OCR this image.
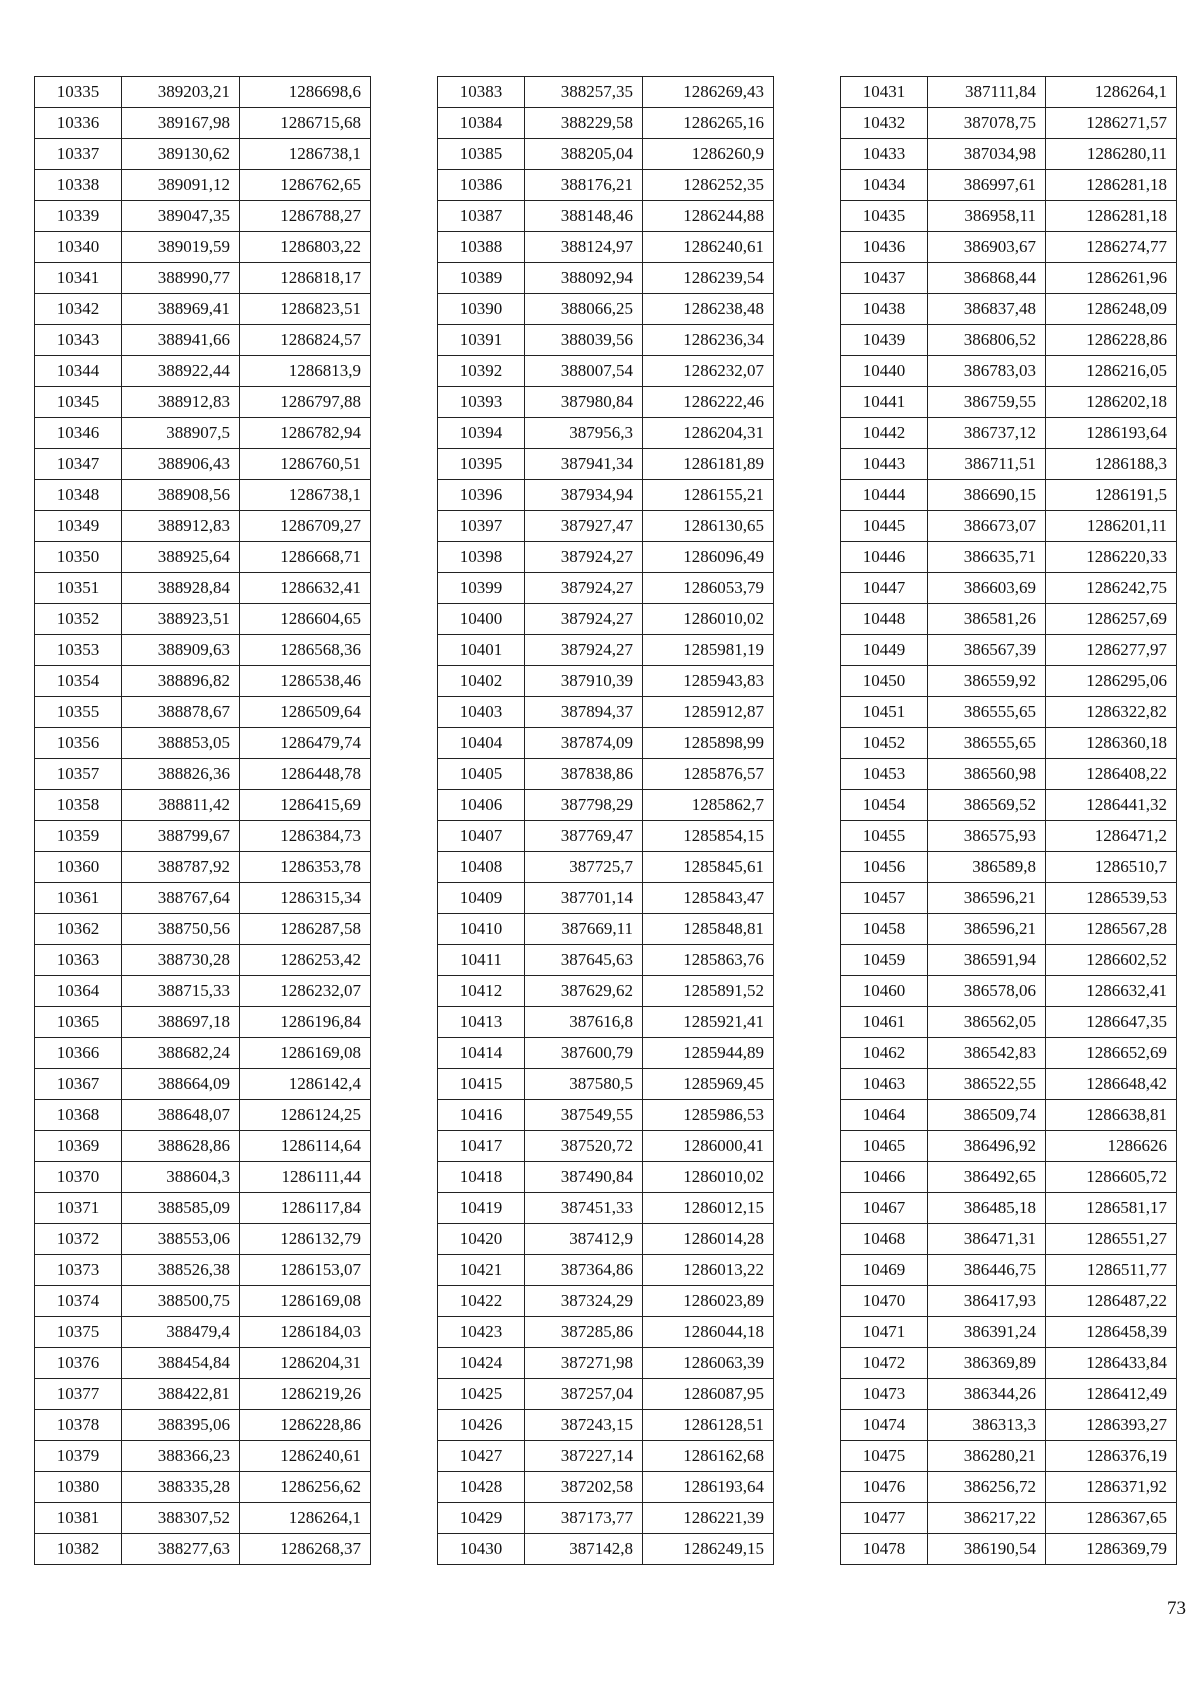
10335	389203,21	1286698,6
10336	389167,98	1286715,68
10337	389130,62	1286738,1
10338	389091,12	1286762,65
10339	389047,35	1286788,27
10340	389019,59	1286803,22
10341	388990,77	1286818,17
10342	388969,41	1286823,51
10343	388941,66	1286824,57
10344	388922,44	1286813,9
10345	388912,83	1286797,88
10346	388907,5	1286782,94
10347	388906,43	1286760,51
10348	388908,56	1286738,1
10349	388912,83	1286709,27
10350	388925,64	1286668,71
10351	388928,84	1286632,41
10352	388923,51	1286604,65
10353	388909,63	1286568,36
10354	388896,82	1286538,46
10355	388878,67	1286509,64
10356	388853,05	1286479,74
10357	388826,36	1286448,78
10358	388811,42	1286415,69
10359	388799,67	1286384,73
10360	388787,92	1286353,78
10361	388767,64	1286315,34
10362	388750,56	1286287,58
10363	388730,28	1286253,42
10364	388715,33	1286232,07
10365	388697,18	1286196,84
10366	388682,24	1286169,08
10367	388664,09	1286142,4
10368	388648,07	1286124,25
10369	388628,86	1286114,64
10370	388604,3	1286111,44
10371	388585,09	1286117,84
10372	388553,06	1286132,79
10373	388526,38	1286153,07
10374	388500,75	1286169,08
10375	388479,4	1286184,03
10376	388454,84	1286204,31
10377	388422,81	1286219,26
10378	388395,06	1286228,86
10379	388366,23	1286240,61
10380	388335,28	1286256,62
10381	388307,52	1286264,1
10382	388277,63	1286268,37
10383	388257,35	1286269,43
10384	388229,58	1286265,16
10385	388205,04	1286260,9
10386	388176,21	1286252,35
10387	388148,46	1286244,88
10388	388124,97	1286240,61
10389	388092,94	1286239,54
10390	388066,25	1286238,48
10391	388039,56	1286236,34
10392	388007,54	1286232,07
10393	387980,84	1286222,46
10394	387956,3	1286204,31
10395	387941,34	1286181,89
10396	387934,94	1286155,21
10397	387927,47	1286130,65
10398	387924,27	1286096,49
10399	387924,27	1286053,79
10400	387924,27	1286010,02
10401	387924,27	1285981,19
10402	387910,39	1285943,83
10403	387894,37	1285912,87
10404	387874,09	1285898,99
10405	387838,86	1285876,57
10406	387798,29	1285862,7
10407	387769,47	1285854,15
10408	387725,7	1285845,61
10409	387701,14	1285843,47
10410	387669,11	1285848,81
10411	387645,63	1285863,76
10412	387629,62	1285891,52
10413	387616,8	1285921,41
10414	387600,79	1285944,89
10415	387580,5	1285969,45
10416	387549,55	1285986,53
10417	387520,72	1286000,41
10418	387490,84	1286010,02
10419	387451,33	1286012,15
10420	387412,9	1286014,28
10421	387364,86	1286013,22
10422	387324,29	1286023,89
10423	387285,86	1286044,18
10424	387271,98	1286063,39
10425	387257,04	1286087,95
10426	387243,15	1286128,51
10427	387227,14	1286162,68
10428	387202,58	1286193,64
10429	387173,77	1286221,39
10430	387142,8	1286249,15
10431	387111,84	1286264,1
10432	387078,75	1286271,57
10433	387034,98	1286280,11
10434	386997,61	1286281,18
10435	386958,11	1286281,18
10436	386903,67	1286274,77
10437	386868,44	1286261,96
10438	386837,48	1286248,09
10439	386806,52	1286228,86
10440	386783,03	1286216,05
10441	386759,55	1286202,18
10442	386737,12	1286193,64
10443	386711,51	1286188,3
10444	386690,15	1286191,5
10445	386673,07	1286201,11
10446	386635,71	1286220,33
10447	386603,69	1286242,75
10448	386581,26	1286257,69
10449	386567,39	1286277,97
10450	386559,92	1286295,06
10451	386555,65	1286322,82
10452	386555,65	1286360,18
10453	386560,98	1286408,22
10454	386569,52	1286441,32
10455	386575,93	1286471,2
10456	386589,8	1286510,7
10457	386596,21	1286539,53
10458	386596,21	1286567,28
10459	386591,94	1286602,52
10460	386578,06	1286632,41
10461	386562,05	1286647,35
10462	386542,83	1286652,69
10463	386522,55	1286648,42
10464	386509,74	1286638,81
10465	386496,92	1286626
10466	386492,65	1286605,72
10467	386485,18	1286581,17
10468	386471,31	1286551,27
10469	386446,75	1286511,77
10470	386417,93	1286487,22
10471	386391,24	1286458,39
10472	386369,89	1286433,84
10473	386344,26	1286412,49
10474	386313,3	1286393,27
10475	386280,21	1286376,19
10476	386256,72	1286371,92
10477	386217,22	1286367,65
10478	386190,54	1286369,79
73
